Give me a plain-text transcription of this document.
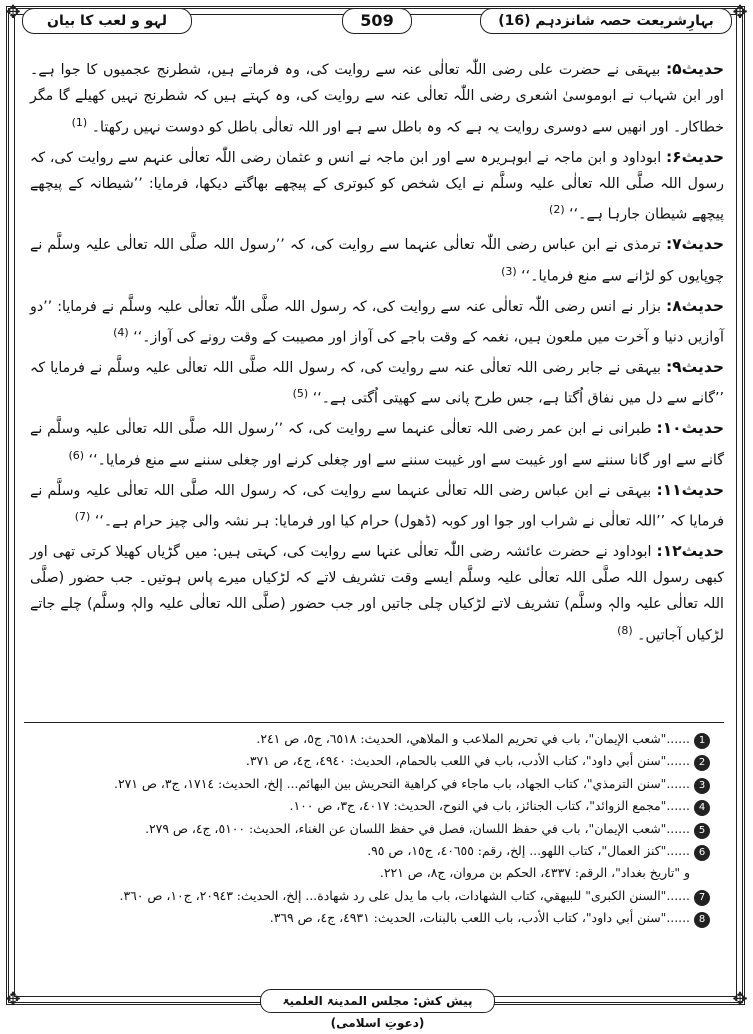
✥	✥
✥	✥
بہارِشریعت حصہ شانزدہم (16)
509
لہو و لعب کا بیان

حدیث۵: بیہقی نے حضرت علی رضی اللّٰہ تعالٰی عنہ سے روایت کی، وہ فرماتے ہیں، شطرنج عجمیوں کا جوا ہے۔ اور ابن شہاب نے ابوموسیٰ اشعری رضی اللّٰہ تعالٰی عنہ سے روایت کی، وہ کہتے ہیں کہ شطرنج نہیں کھیلے گا مگر خطاکار۔ اور انھیں سے دوسری روایت یہ ہے کہ وہ باطل سے ہے اور اللہ تعالٰی باطل کو دوست نہیں رکھتا۔ $^{(1)}$

حدیث۶: ابوداود و ابن ماجہ نے ابوہریرہ سے اور ابن ماجہ نے انس و عثمان رضی اللّٰہ تعالٰی عنہم سے روایت کی، کہ رسول اللہ صلَّی اللہ تعالٰی علیہ وسلَّم نے ایک شخص کو کبوتری کے پیچھے بھاگتے دیکھا، فرمایا: ’’شیطانہ کے پیچھے پیچھے شیطان جارہا ہے۔‘‘ $^{(2)}$

حدیث۷: ترمذی نے ابن عباس رضی اللّٰہ تعالٰی عنہما سے روایت کی، کہ ’’رسول اللہ صلَّی اللہ تعالٰی علیہ وسلَّم نے چوپایوں کو لڑانے سے منع فرمایا۔‘‘ $^{(3)}$

حدیث۸: بزار نے انس رضی اللّٰہ تعالٰی عنہ سے روایت کی، کہ رسول اللہ صلَّی اللّٰہ تعالٰی علیہ وسلَّم نے فرمایا: ’’دو آوازیں دنیا و آخرت میں ملعون ہیں، نغمہ کے وقت باجے کی آواز اور مصیبت کے وقت رونے کی آواز۔‘‘ $^{(4)}$

حدیث۹: بیہقی نے جابر رضی اللہ تعالٰی عنہ سے روایت کی، کہ رسول اللہ صلَّی اللہ تعالٰی علیہ وسلَّم نے فرمایا کہ ’’گانے سے دل میں نفاق اُگتا ہے، جس طرح پانی سے کھیتی اُگتی ہے۔‘‘ $^{(5)}$

حدیث۱۰: طبرانی نے ابن عمر رضی اللہ تعالٰی عنہما سے روایت کی، کہ ’’رسول اللہ صلَّی اللہ تعالٰی علیہ وسلَّم نے گانے سے اور گانا سننے سے اور غیبت سے اور غیبت سننے سے اور چغلی کرنے اور چغلی سننے سے منع فرمایا۔‘‘ $^{(6)}$

حدیث۱۱: بیہقی نے ابن عباس رضی اللہ تعالٰی عنہما سے روایت کی، کہ رسول اللہ صلَّی اللہ تعالٰی علیہ وسلَّم نے فرمایا کہ ’’اللہ تعالٰی نے شراب اور جوا اور کوبہ (ڈھول) حرام کیا اور فرمایا: ہر نشہ والی چیز حرام ہے۔‘‘ $^{(7)}$

حدیث۱۲: ابوداود نے حضرت عائشہ رضی اللّٰہ تعالٰی عنہا سے روایت کی، کہتی ہیں: میں گڑیاں کھیلا کرتی تھی اور کبھی رسول اللہ صلَّی اللہ تعالٰی علیہ وسلَّم ایسے وقت تشریف لاتے کہ لڑکیاں میرے پاس ہوتیں۔ جب حضور (صلَّی اللہ تعالٰی علیہ والہٖ وسلَّم) تشریف لاتے لڑکیاں چلی جاتیں اور جب حضور (صلَّی اللہ تعالٰی علیہ والہٖ وسلَّم) چلے جاتے لڑکیاں آجاتیں۔ $^{(8)}$

1......"شعب الإيمان"، باب في تحريم الملاعب و الملاهي، الحديث: ٦٥١٨، ج٥، ص ٢٤١.
2......"سنن أبي داود"، كتاب الأدب، باب في اللعب بالحمام، الحديث: ٤٩٤٠، ج٤، ص ٣٧١.
3......"سنن الترمذي"، كتاب الجهاد، باب ماجاء في كراهية التحريش بين البهائم... إلخ، الحديث: ١٧١٤، ج٣، ص ٢٧١.
4......"مجمع الزوائد"، كتاب الجنائز، باب في النوح، الحديث: ٤٠١٧، ج٣، ص ١٠٠.
5......"شعب الإيمان"، باب في حفظ اللسان، فصل في حفظ اللسان عن الغناء، الحديث: ٥١٠٠، ج٤، ص ٢٧٩.
6......"كنز العمال"، كتاب اللهو... إلخ، رقم: ٤٠٦٥٥، ج١٥، ص ٩٥.
و "تاريخ بغداد"، الرقم: ٤٣٣٧، الحكم بن مروان، ج٨، ص ٢٢١.
7......"السنن الكبرى" للبيهقي، كتاب الشهادات، باب ما يدل على رد شهادة... إلخ، الحديث: ٢٠٩٤٣، ج١٠، ص ٣٦٠.
8......"سنن أبي داود"، كتاب الأدب، باب اللعب بالبنات، الحديث: ٤٩٣١، ج٤، ص ٣٦٩.
پیش کش: مجلس المدینۃ العلمیۃ (دعوتِ اسلامی)
